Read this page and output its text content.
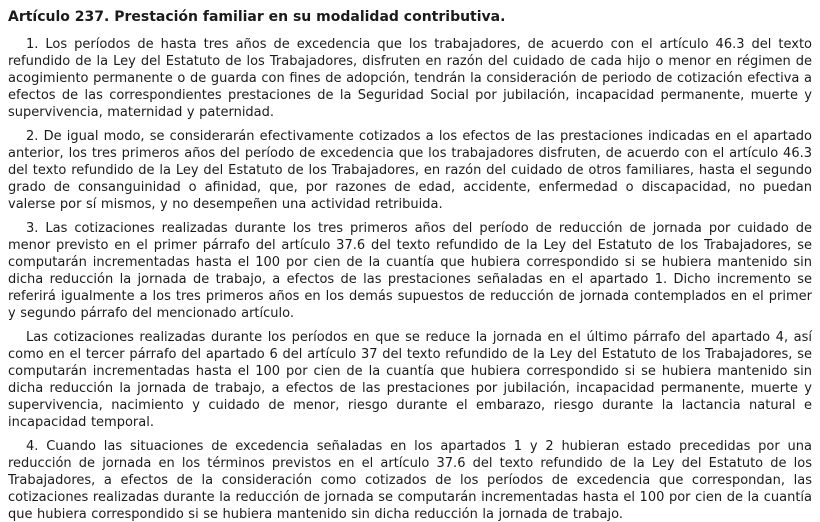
Artículo 237. Prestación familiar en su modalidad contributiva.

1. Los períodos de hasta tres años de excedencia que los trabajadores, de acuerdo con el artículo 46.3 del texto refundido de la Ley del Estatuto de los Trabajadores, disfruten en razón del cuidado de cada hijo o menor en régimen de acogimiento permanente o de guarda con fines de adopción, tendrán la consideración de periodo de cotización efectiva a efectos de las correspondientes prestaciones de la Seguridad Social por jubilación, incapacidad permanente, muerte y supervivencia, maternidad y paternidad.

2. De igual modo, se considerarán efectivamente cotizados a los efectos de las prestaciones indicadas en el apartado anterior, los tres primeros años del período de excedencia que los trabajadores disfruten, de acuerdo con el artículo 46.3 del texto refundido de la Ley del Estatuto de los Trabajadores, en razón del cuidado de otros familiares, hasta el segundo grado de consanguinidad o afinidad, que, por razones de edad, accidente, enfermedad o discapacidad, no puedan valerse por sí mismos, y no desempeñen una actividad retribuida.

3. Las cotizaciones realizadas durante los tres primeros años del período de reducción de jornada por cuidado de menor previsto en el primer párrafo del artículo 37.6 del texto refundido de la Ley del Estatuto de los Trabajadores, se computarán incrementadas hasta el 100 por cien de la cuantía que hubiera correspondido si se hubiera mantenido sin dicha reducción la jornada de trabajo, a efectos de las prestaciones señaladas en el apartado 1. Dicho incremento se referirá igualmente a los tres primeros años en los demás supuestos de reducción de jornada contemplados en el primer y segundo párrafo del mencionado artículo.

Las cotizaciones realizadas durante los períodos en que se reduce la jornada en el último párrafo del apartado 4, así como en el tercer párrafo del apartado 6 del artículo 37 del texto refundido de la Ley del Estatuto de los Trabajadores, se computarán incrementadas hasta el 100 por cien de la cuantía que hubiera correspondido si se hubiera mantenido sin dicha reducción la jornada de trabajo, a efectos de las prestaciones por jubilación, incapacidad permanente, muerte y supervivencia, nacimiento y cuidado de menor, riesgo durante el embarazo, riesgo durante la lactancia natural e incapacidad temporal.

4. Cuando las situaciones de excedencia señaladas en los apartados 1 y 2 hubieran estado precedidas por una reducción de jornada en los términos previstos en el artículo 37.6 del texto refundido de la Ley del Estatuto de los Trabajadores, a efectos de la consideración como cotizados de los períodos de excedencia que correspondan, las cotizaciones realizadas durante la reducción de jornada se computarán incrementadas hasta el 100 por cien de la cuantía que hubiera correspondido si se hubiera mantenido sin dicha reducción la jornada de trabajo.
